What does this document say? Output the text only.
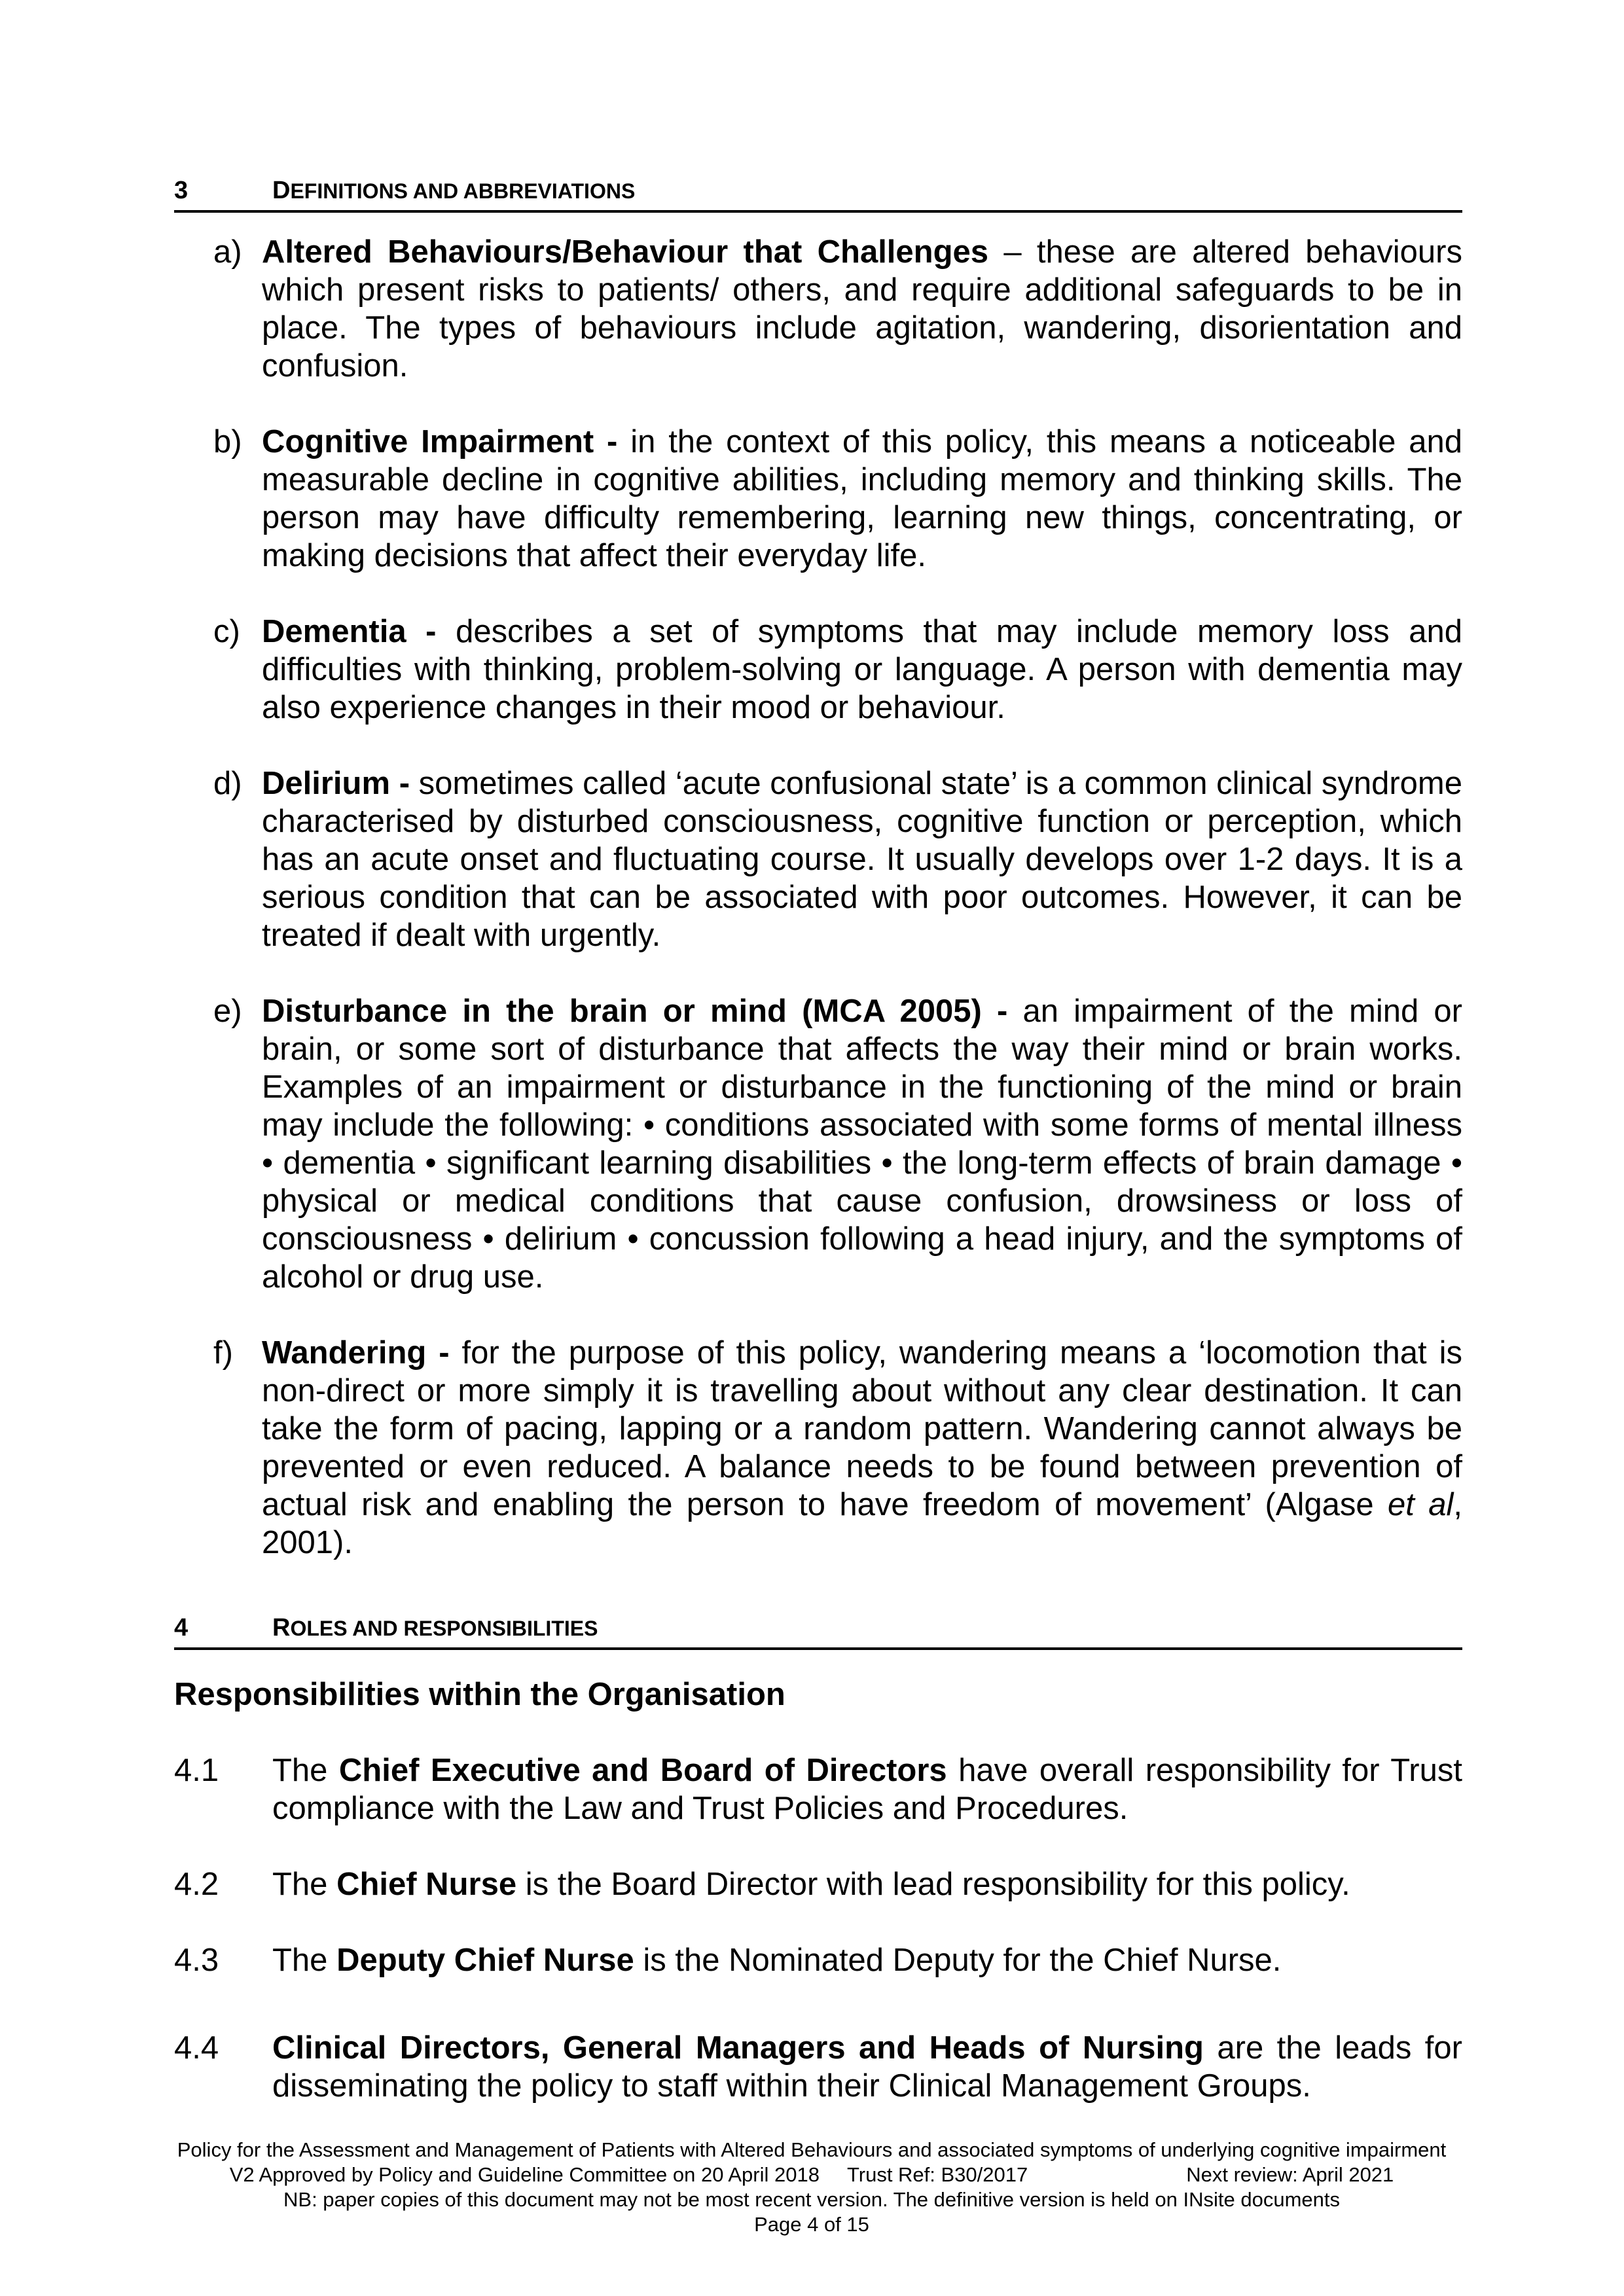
3	DEFINITIONS AND ABBREVIATIONS
a) Altered Behaviours/Behaviour that Challenges – these are altered behaviours which present risks to patients/ others, and require additional safeguards to be in place. The types of behaviours include agitation, wandering, disorientation and confusion.
b) Cognitive Impairment - in the context of this policy, this means a noticeable and measurable decline in cognitive abilities, including memory and thinking skills. The person may have difficulty remembering, learning new things, concentrating, or making decisions that affect their everyday life.
c) Dementia - describes a set of symptoms that may include memory loss and difficulties with thinking, problem-solving or language. A person with dementia may also experience changes in their mood or behaviour.
d) Delirium - sometimes called ‘acute confusional state’ is a common clinical syndrome characterised by disturbed consciousness, cognitive function or perception, which has an acute onset and fluctuating course. It usually develops over 1-2 days. It is a serious condition that can be associated with poor outcomes. However, it can be treated if dealt with urgently.
e) Disturbance in the brain or mind (MCA 2005) - an impairment of the mind or brain, or some sort of disturbance that affects the way their mind or brain works. Examples of an impairment or disturbance in the functioning of the mind or brain may include the following: • conditions associated with some forms of mental illness • dementia • significant learning disabilities • the long-term effects of brain damage • physical or medical conditions that cause confusion, drowsiness or loss of consciousness • delirium • concussion following a head injury, and the symptoms of alcohol or drug use.
f) Wandering - for the purpose of this policy, wandering means a ‘locomotion that is non-direct or more simply it is travelling about without any clear destination. It can take the form of pacing, lapping or a random pattern. Wandering cannot always be prevented or even reduced. A balance needs to be found between prevention of actual risk and enabling the person to have freedom of movement’ (Algase et al, 2001).
4	ROLES AND RESPONSIBILITIES
Responsibilities within the Organisation
4.1	The Chief Executive and Board of Directors have overall responsibility for Trust compliance with the Law and Trust Policies and Procedures.
4.2	The Chief Nurse is the Board Director with lead responsibility for this policy.
4.3	The Deputy Chief Nurse is the Nominated Deputy for the Chief Nurse.
4.4	Clinical Directors, General Managers and Heads of Nursing are the leads for disseminating the policy to staff within their Clinical Management Groups.
Policy for the Assessment and Management of Patients with Altered Behaviours and associated symptoms of underlying cognitive impairment
V2 Approved by Policy and Guideline Committee on 20 April 2018 Trust Ref: B30/2017	Next review: April 2021
NB: paper copies of this document may not be most recent version. The definitive version is held on INsite documents
Page 4 of 15
